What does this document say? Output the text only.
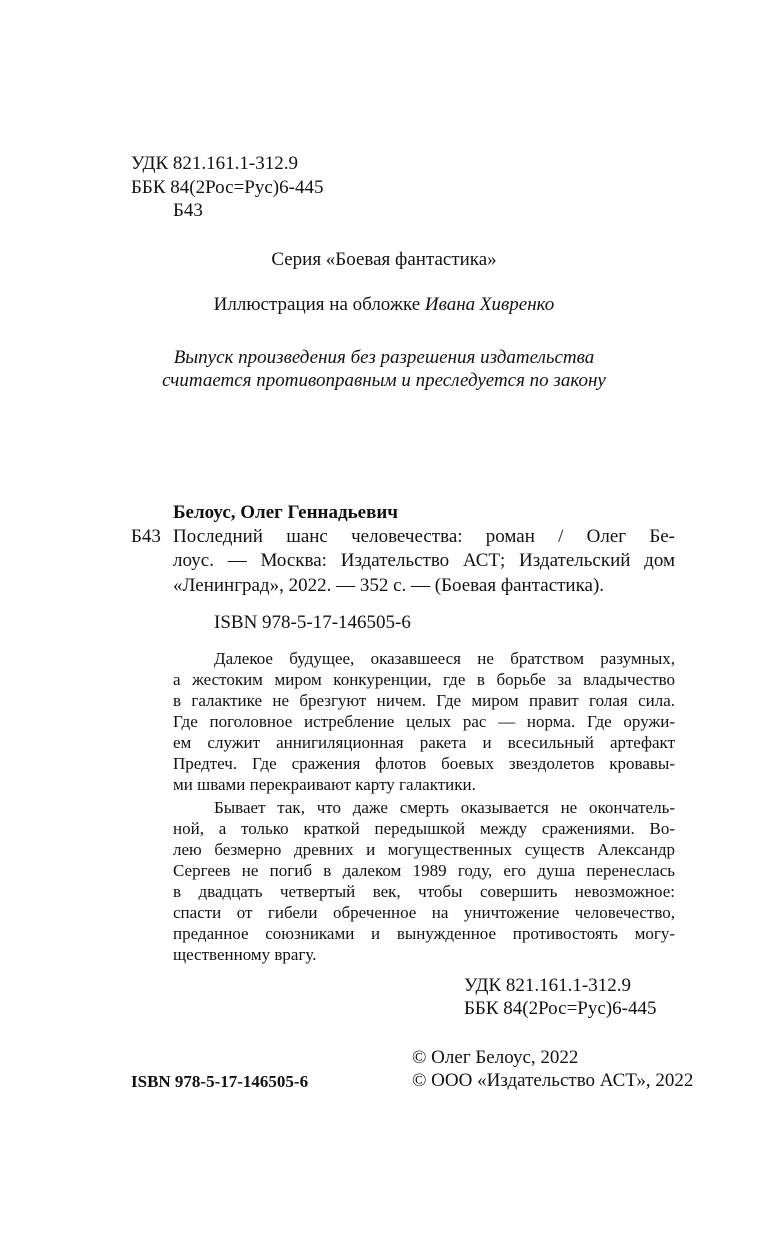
УДК 821.161.1-312.9
ББК 84(2Рос=Рус)6-445
Б43
Серия «Боевая фантастика»
Иллюстрация на обложке Ивана Хивренко
Выпуск произведения без разрешения издательства
считается противоправным и преследуется по закону
Белоус, Олег Геннадьевич
Б43 Последний шанс человечества: роман / Олег Бе-
лоус. — Москва: Издательство АСТ; Издательский дом
«Ленинград», 2022. — 352 с. — (Боевая фантастика).
ISBN 978-5-17-146505-6
Далекое будущее, оказавшееся не братством разумных,
а жестоким миром конкуренции, где в борьбе за владычество
в галактике не брезгуют ничем. Где миром правит голая сила.
Где поголовное истребление целых рас — норма. Где оружи-
ем служит аннигиляционная ракета и всесильный артефакт
Предтеч. Где сражения флотов боевых звездолетов кровавы-
ми швами перекраивают карту галактики.
Бывает так, что даже смерть оказывается не окончатель-
ной, а только краткой передышкой между сражениями. Во-
лею безмерно древних и могущественных существ Александр
Сергеев не погиб в далеком 1989 году, его душа перенеслась
в двадцать четвертый век, чтобы совершить невозможное:
спасти от гибели обреченное на уничтожение человечество,
преданное союзниками и вынужденное противостоять могу-
щественному врагу.
УДК 821.161.1-312.9
ББК 84(2Рос=Рус)6-445
© Олег Белоус, 2022
ISBN 978-5-17-146505-6	© ООО «Издательство АСТ», 2022
